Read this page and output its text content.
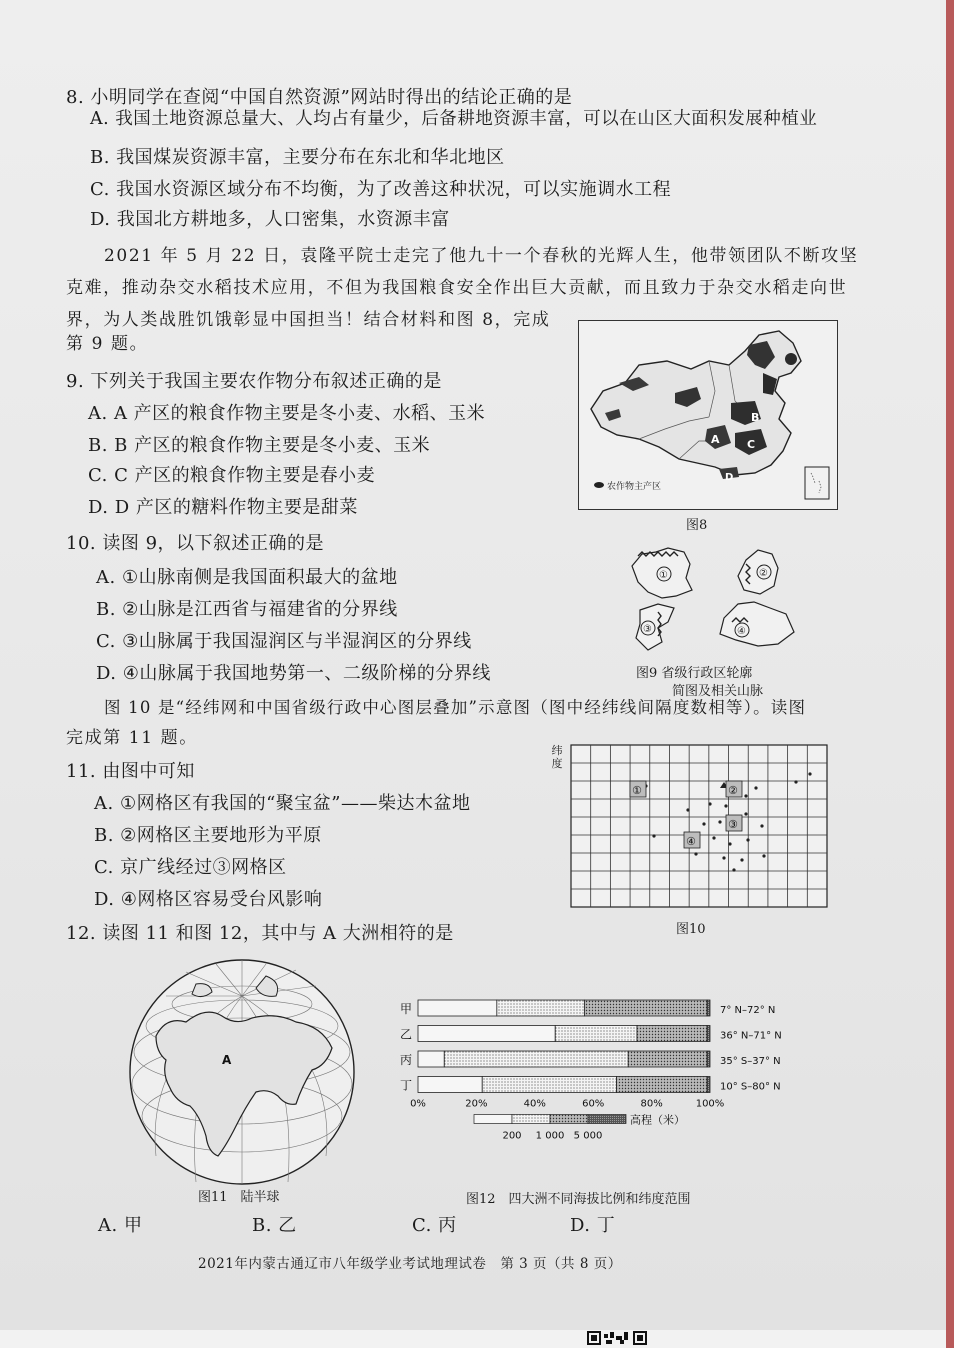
8. 小明同学在查阅“中国自然资源”网站时得出的结论正确的是
A. 我国土地资源总量大、人均占有量少，后备耕地资源丰富，可以在山区大面积发展种植业
B. 我国煤炭资源丰富，主要分布在东北和华北地区
C. 我国水资源区域分布不均衡，为了改善这种状况，可以实施调水工程
D. 我国北方耕地多，人口密集，水资源丰富
2021 年 5 月 22 日，袁隆平院士走完了他九十一个春秋的光辉人生，他带领团队不断攻坚
克难，推动杂交水稻技术应用，不但为我国粮食安全作出巨大贡献，而且致力于杂交水稻走向世
界，为人类战胜饥饿彰显中国担当！结合材料和图 8，完成
第 9 题。
9. 下列关于我国主要农作物分布叙述正确的是
A. A 产区的粮食作物主要是冬小麦、水稻、玉米
B. B 产区的粮食作物主要是冬小麦、玉米
C. C 产区的粮食作物主要是春小麦
D. D 产区的糖料作物主要是甜菜
B
A C
D
农作物主产区
图8
10. 读图 9，以下叙述正确的是
A. ①山脉南侧是我国面积最大的盆地
B. ②山脉是江西省与福建省的分界线
C. ③山脉属于我国湿润区与半湿润区的分界线
D. ④山脉属于我国地势第一、二级阶梯的分界线
①	②
③	④
图9 省级行政区轮廓
简图及相关山脉
图 10 是“经纬网和中国省级行政中心图层叠加”示意图（图中经纬线间隔度数相等）。读图
完成第 11 题。
11. 由图中可知
A. ①网格区有我国的“聚宝盆”——柴达木盆地
B. ②网格区主要地形为平原
C. 京广线经过③网格区
D. ④网格区容易受台风影响
纬度
①	②
③
④
图10
12. 读图 11 和图 12，其中与 A 大洲相符的是
A
图11　陆半球
甲
乙
丙
丁
7° N–72° N
36° N–71° N
35° S–37° N
10° S–80° N
0%	20%	40%	60%	80%	100%
高程（米）
200 1 000 5 000
图12　四大洲不同海拔比例和纬度范围
A. 甲	B. 乙	C. 丙	D. 丁
2021年内蒙古通辽市八年级学业考试地理试卷　第 3 页（共 8 页）
